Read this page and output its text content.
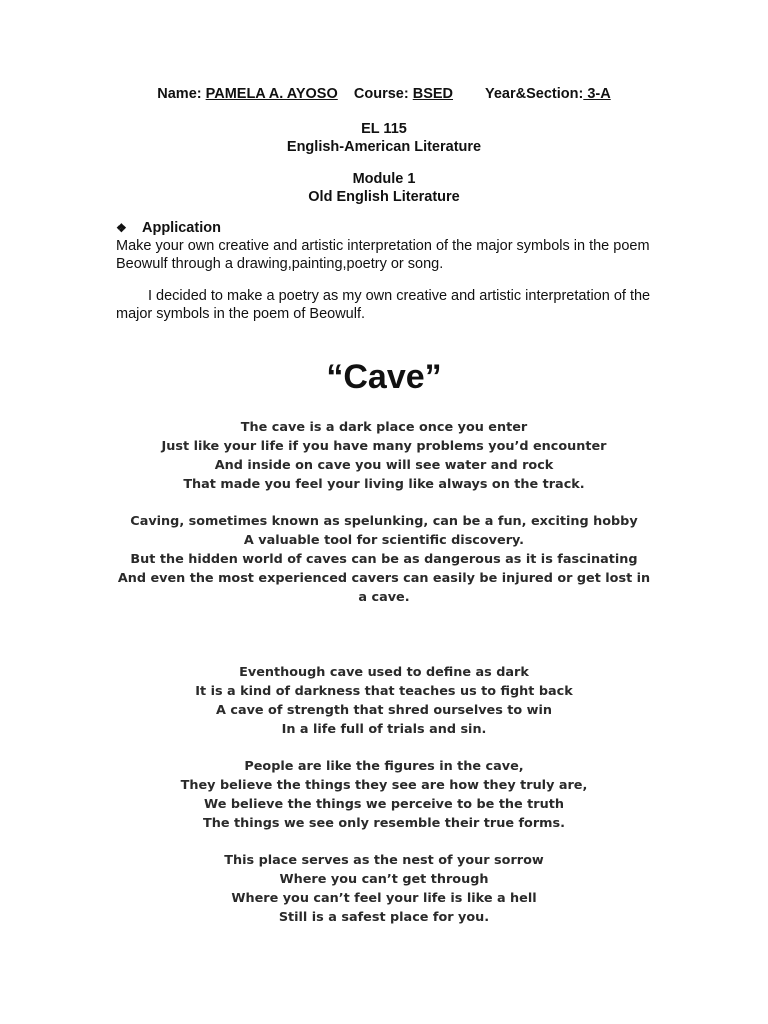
Name: PAMELA A. AYOSO Course: BSED Year&Section: 3-A
EL 115
English-American Literature
Module 1
Old English Literature
❖ Application
Make your own creative and artistic interpretation of the major symbols in the poem Beowulf through a drawing,painting,poetry or song.
I decided to make a poetry as my own creative and artistic interpretation of the major symbols in the poem of Beowulf.
“Cave”
The cave is a dark place once you enter
Just like your life if you have many problems you’d encounter
And inside on cave you will see water and rock
That made you feel your living like always on the track.
Caving, sometimes known as spelunking, can be a fun, exciting hobby
A valuable tool for scientific discovery.
But the hidden world of caves can be as dangerous as it is fascinating
And even the most experienced cavers can easily be injured or get lost in a cave.
Eventhough cave used to define as dark
It is a kind of darkness that teaches us to fight back
A cave of strength that shred ourselves to win
In a life full of trials and sin.
People are like the figures in the cave,
They believe the things they see are how they truly are,
We believe the things we perceive to be the truth
The things we see only resemble their true forms.
This place serves as the nest of your sorrow
Where you can’t get through
Where you can’t feel your life is like a hell
Still is a safest place for you.
